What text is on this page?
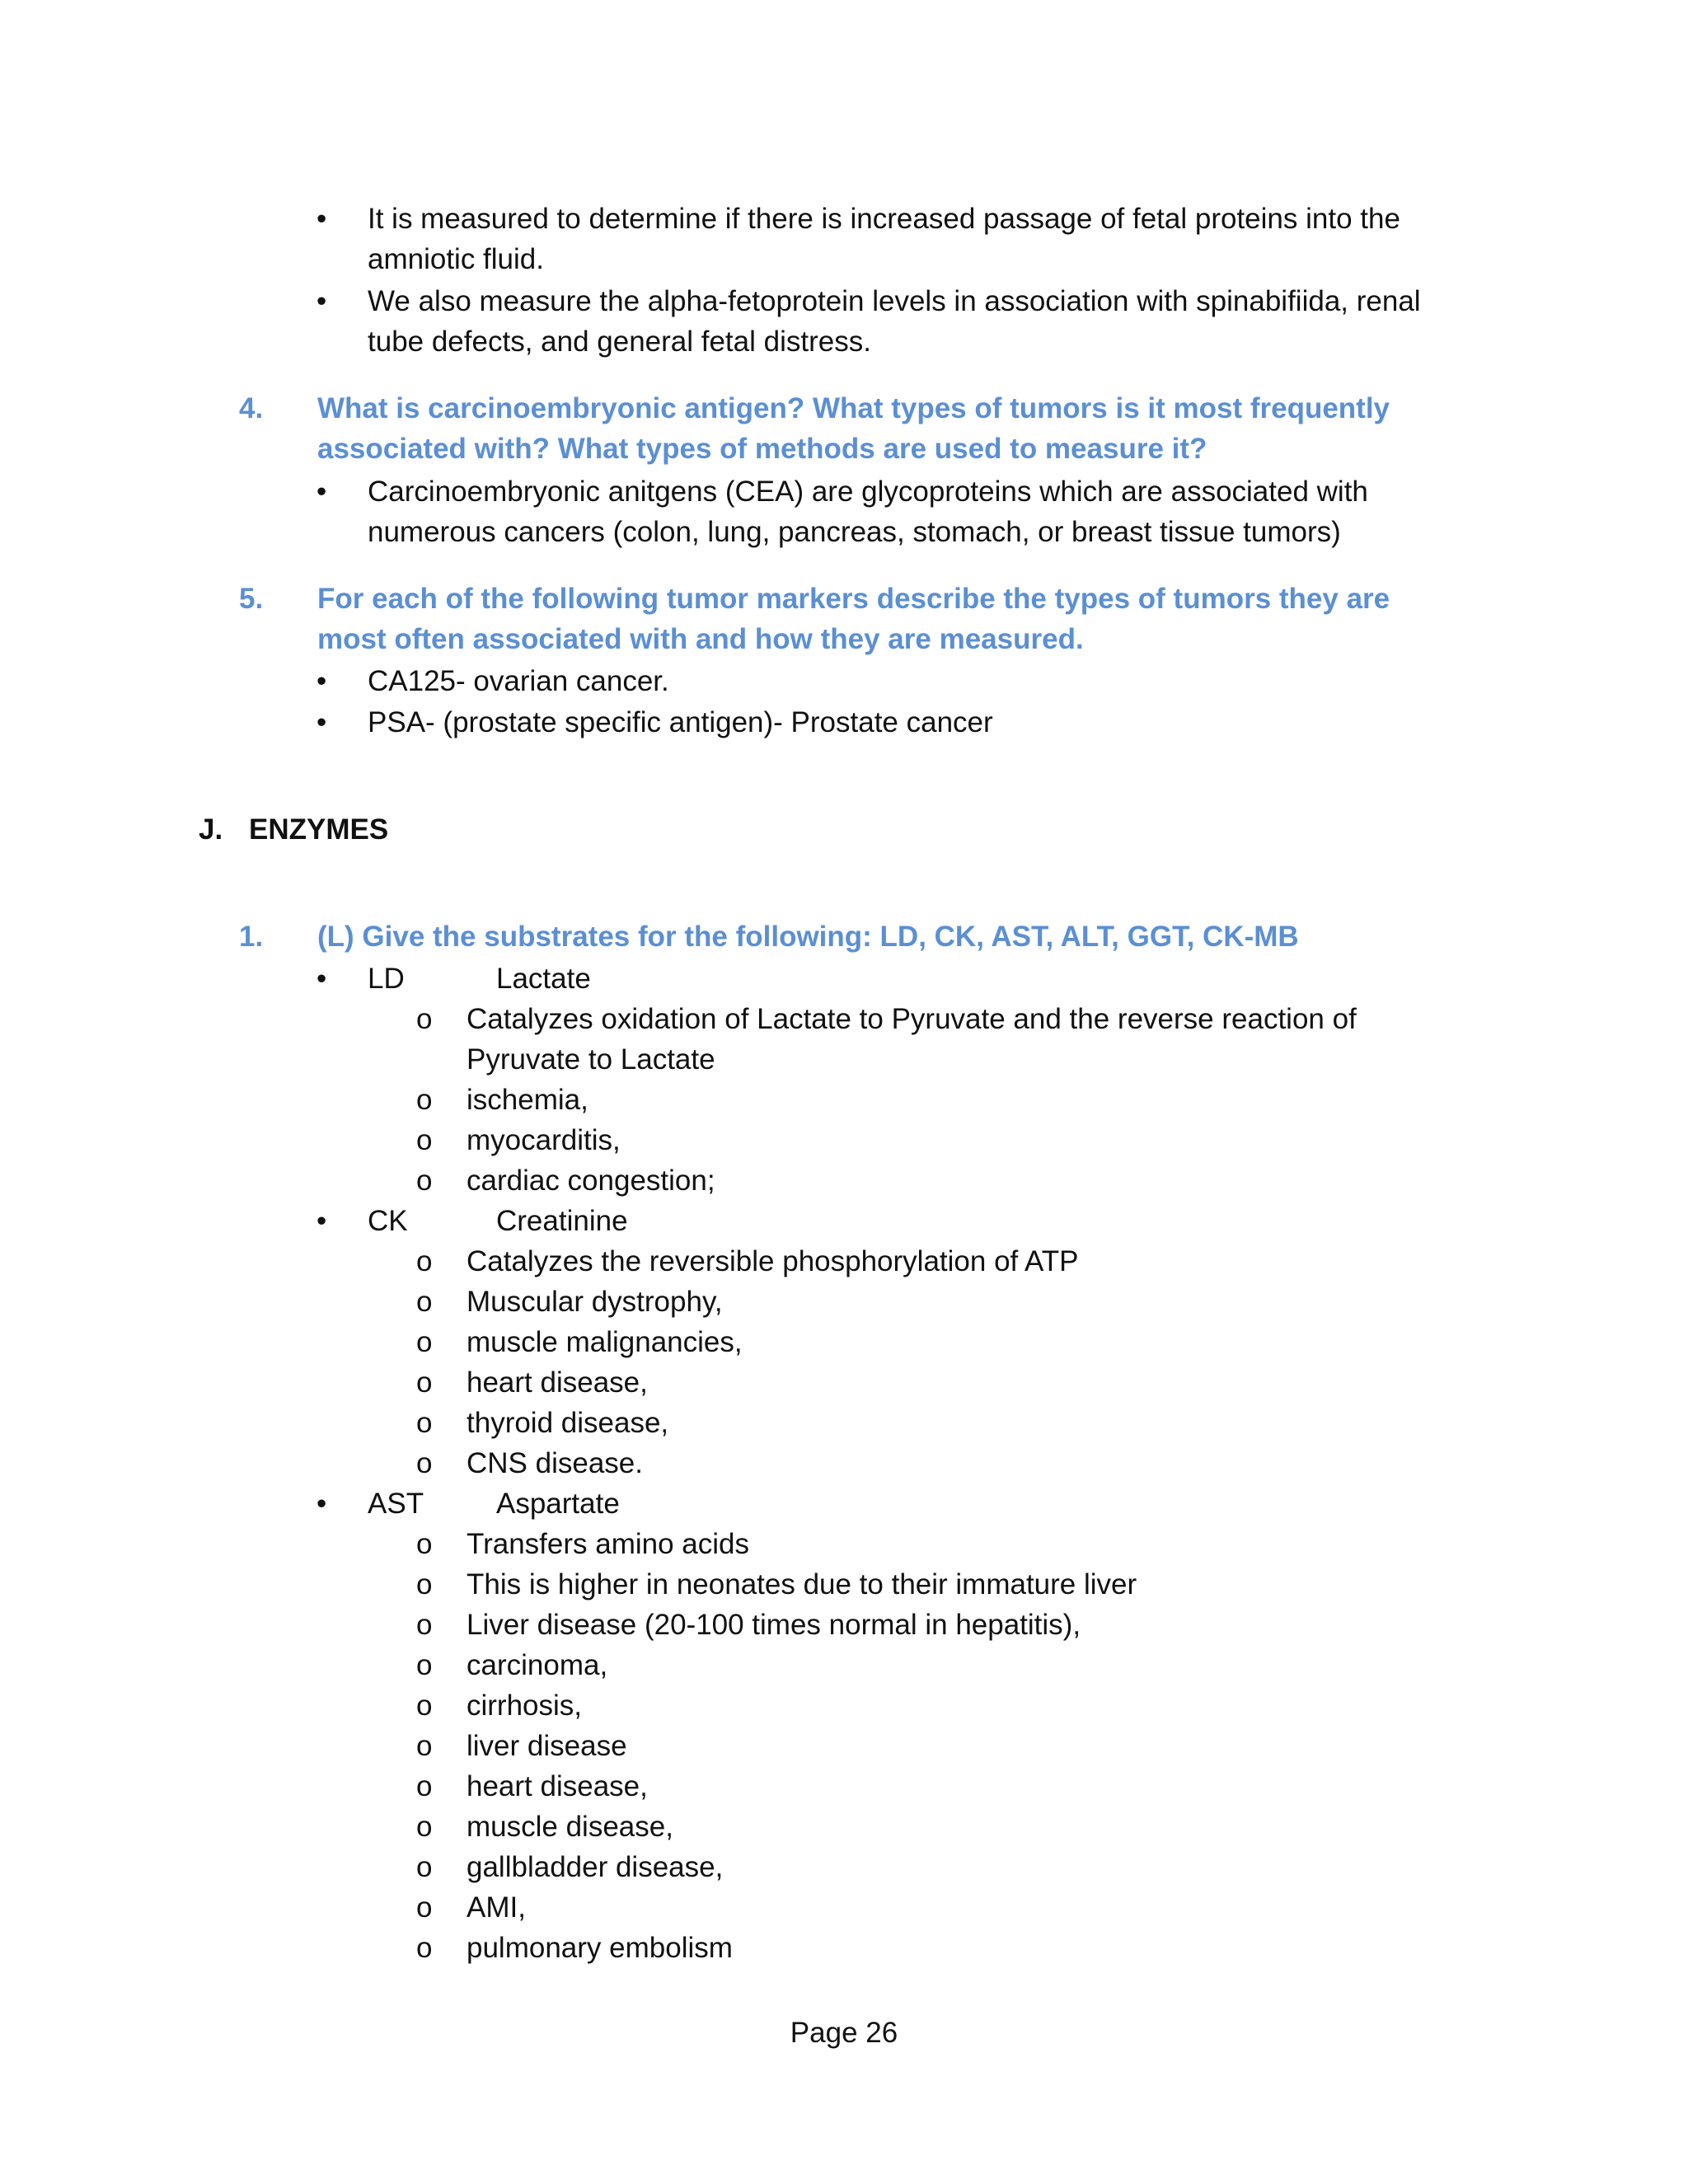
• It is measured to determine if there is increased passage of fetal proteins into the
amniotic fluid.
• We also measure the alpha-fetoprotein levels in association with spinabifiida, renal
tube defects, and general fetal distress.
4. What is carcinoembryonic antigen? What types of tumors is it most frequently
associated with? What types of methods are used to measure it?
• Carcinoembryonic anitgens (CEA) are glycoproteins which are associated with
numerous cancers (colon, lung, pancreas, stomach, or breast tissue tumors)
5. For each of the following tumor markers describe the types of tumors they are
most often associated with and how they are measured.
• CA125- ovarian cancer.
• PSA- (prostate specific antigen)- Prostate cancer
J. ENZYMES
1. (L) Give the substrates for the following: LD, CK, AST, ALT, GGT, CK-MB
• LD	Lactate
o Catalyzes oxidation of Lactate to Pyruvate and the reverse reaction of
Pyruvate to Lactate
o ischemia,
o myocarditis,
o cardiac congestion;
• CK	Creatinine
o Catalyzes the reversible phosphorylation of ATP
o Muscular dystrophy,
o muscle malignancies,
o heart disease,
o thyroid disease,
o CNS disease.
• AST	Aspartate
o Transfers amino acids
o This is higher in neonates due to their immature liver
o Liver disease (20-100 times normal in hepatitis),
o carcinoma,
o cirrhosis,
o liver disease
o heart disease,
o muscle disease,
o gallbladder disease,
o AMI,
o pulmonary embolism
Page 26
